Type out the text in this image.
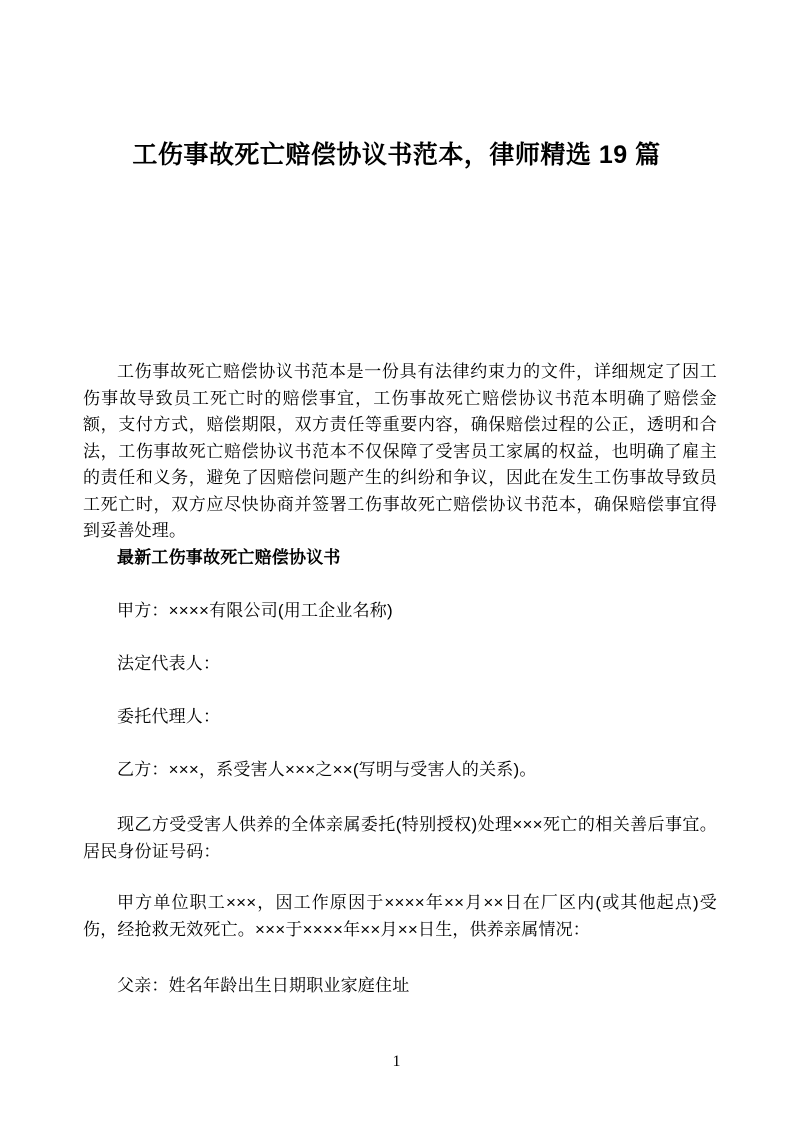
工伤事故死亡赔偿协议书范本，律师精选 19 篇

工伤事故死亡赔偿协议书范本是一份具有法律约束力的文件，详细规定了因工伤事故导致员工死亡时的赔偿事宜，工伤事故死亡赔偿协议书范本明确了赔偿金额，支付方式，赔偿期限，双方责任等重要内容，确保赔偿过程的公正，透明和合法，工伤事故死亡赔偿协议书范本不仅保障了受害员工家属的权益，也明确了雇主的责任和义务，避免了因赔偿问题产生的纠纷和争议，因此在发生工伤事故导致员工死亡时，双方应尽快协商并签署工伤事故死亡赔偿协议书范本，确保赔偿事宜得到妥善处理。

最新工伤事故死亡赔偿协议书

甲方：××××有限公司(用工企业名称)

法定代表人：

委托代理人：

乙方：×××，系受害人×××之××(写明与受害人的关系)。

现乙方受受害人供养的全体亲属委托(特别授权)处理×××死亡的相关善后事宜。居民身份证号码：

甲方单位职工×××，因工作原因于××××年××月××日在厂区内(或其他起点)受伤，经抢救无效死亡。×××于××××年××月××日生，供养亲属情况：

父亲：姓名年龄出生日期职业家庭住址

1
